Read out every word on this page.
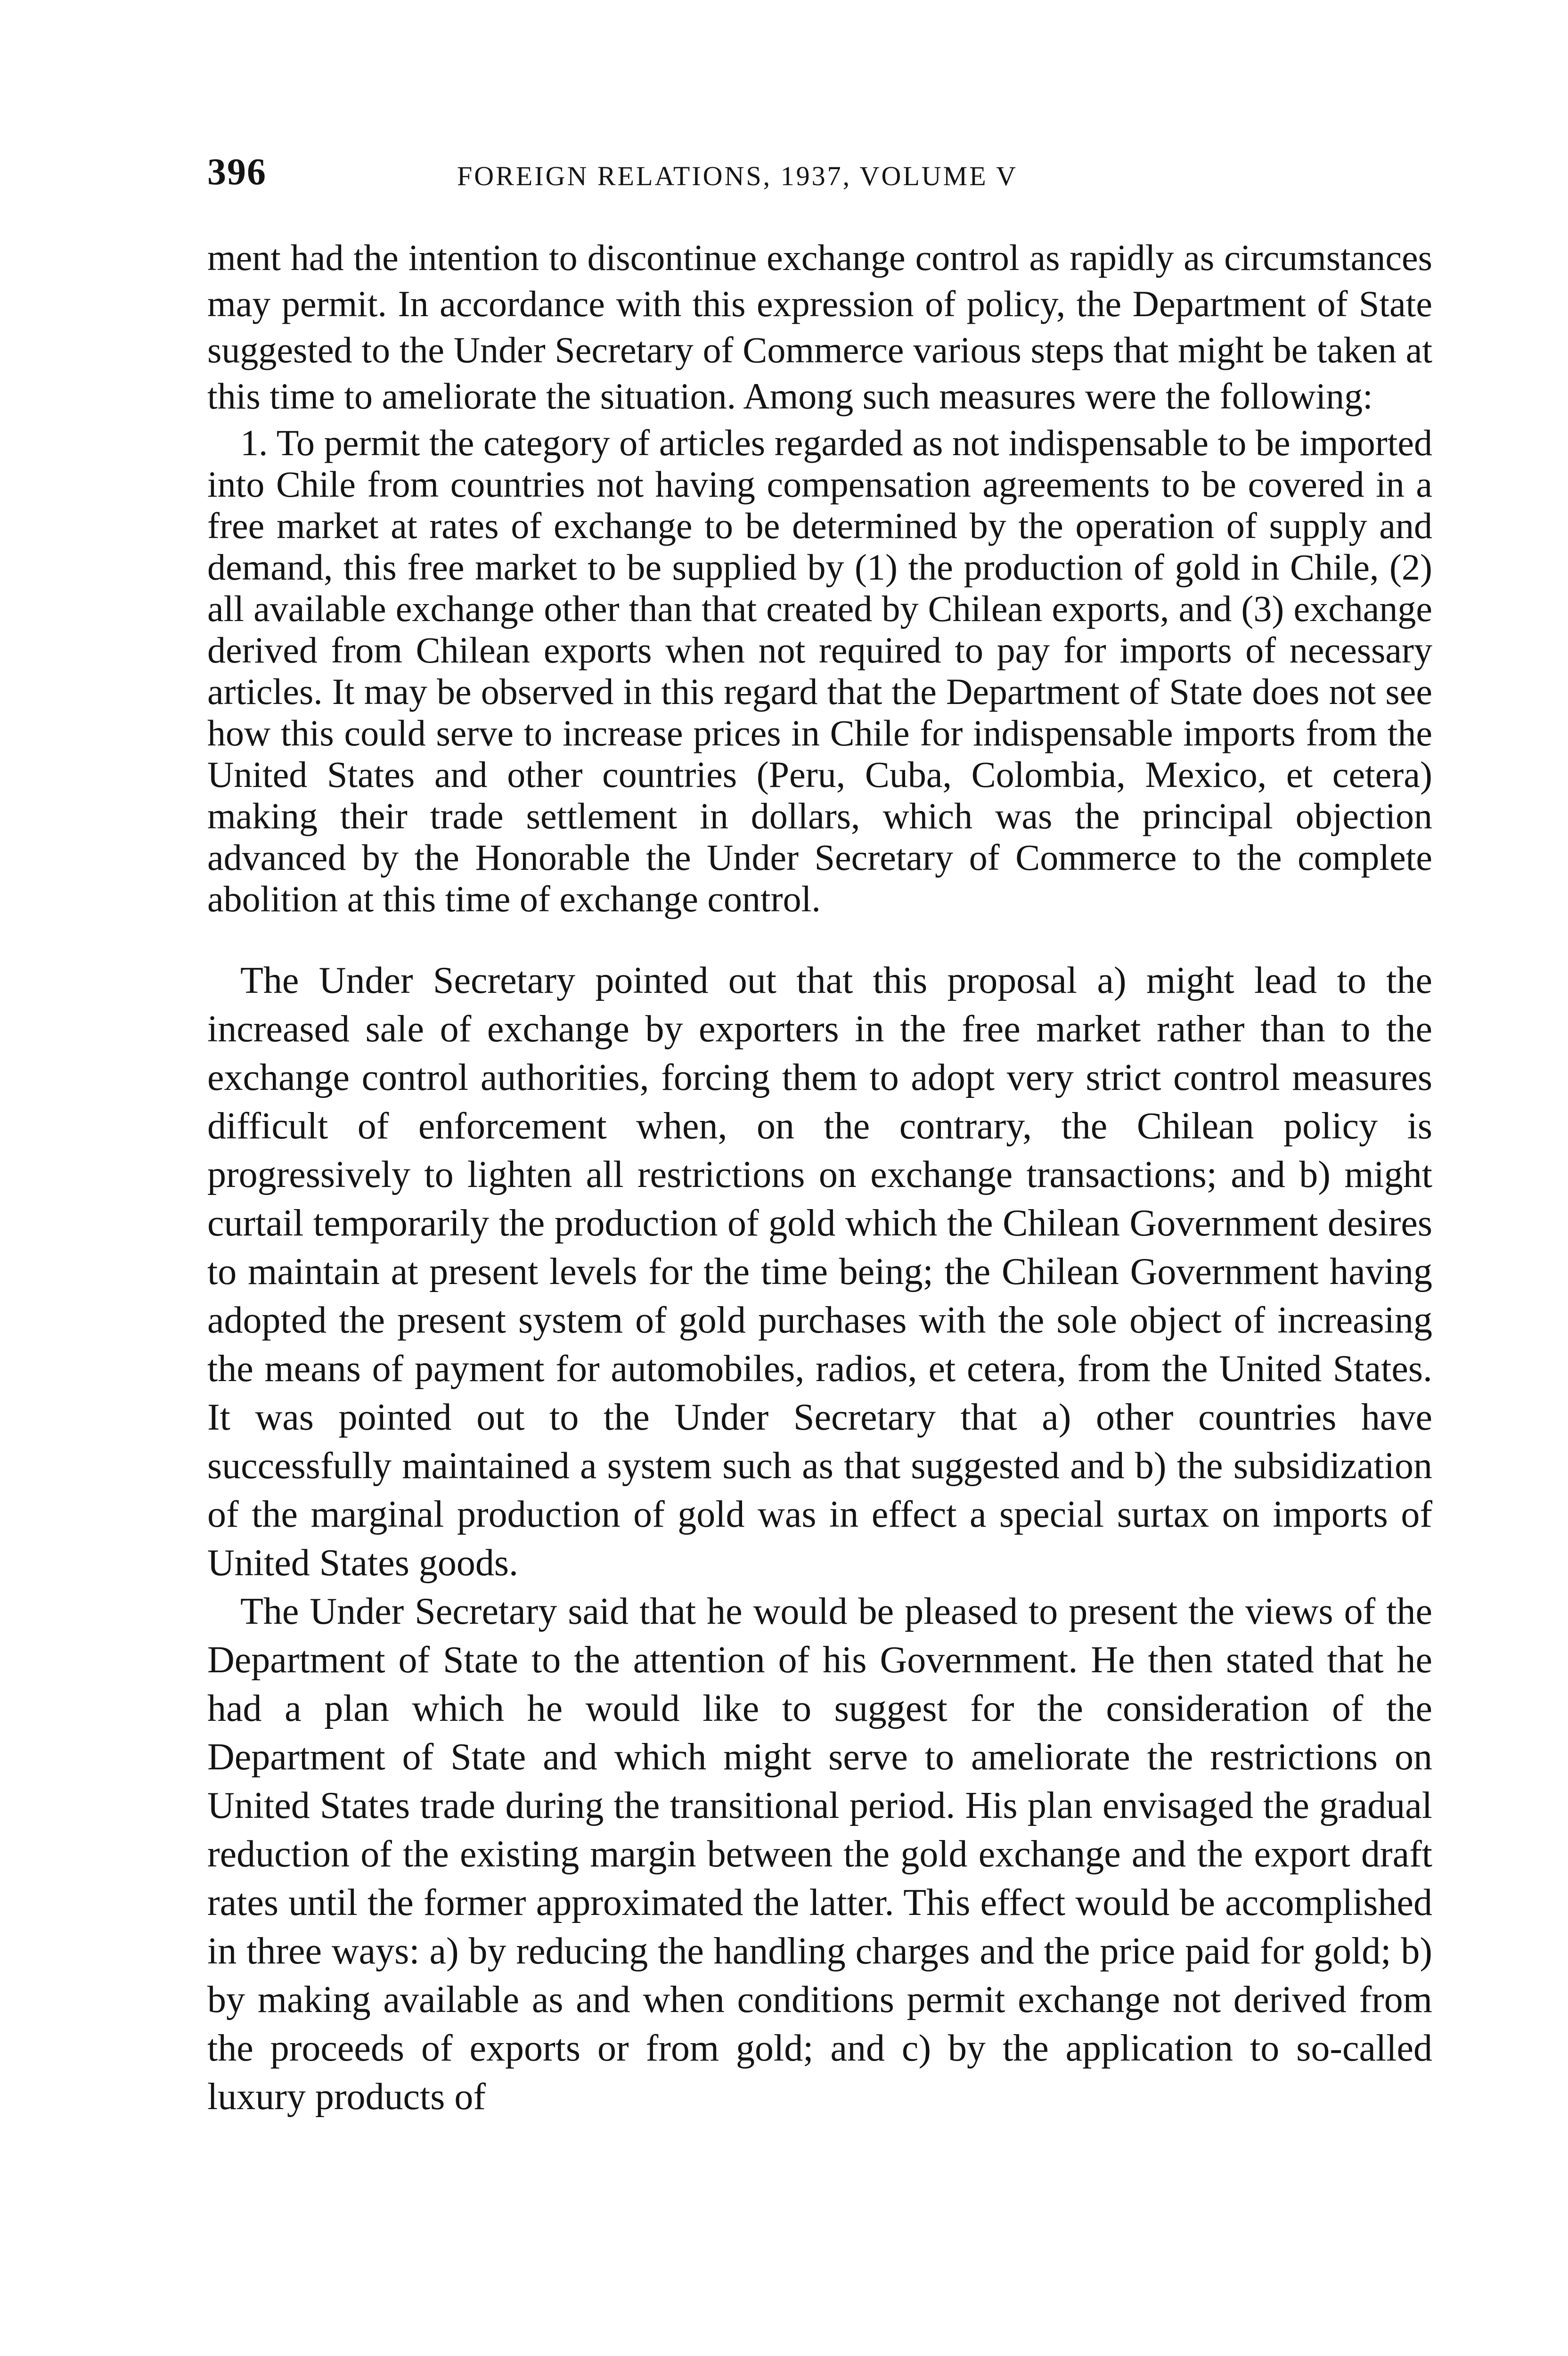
396	FOREIGN RELATIONS, 1937, VOLUME V

ment had the intention to discontinue exchange control as rapidly as circumstances may permit. In accordance with this expression of policy, the Department of State suggested to the Under Secretary of Commerce various steps that might be taken at this time to ameliorate the situation. Among such measures were the following:

1. To permit the category of articles regarded as not indispensable to be imported into Chile from countries not having compensation agreements to be covered in a free market at rates of exchange to be determined by the operation of supply and demand, this free market to be supplied by (1) the production of gold in Chile, (2) all available exchange other than that created by Chilean exports, and (3) exchange derived from Chilean exports when not required to pay for imports of necessary articles. It may be observed in this regard that the Department of State does not see how this could serve to increase prices in Chile for indispensable imports from the United States and other countries (Peru, Cuba, Colombia, Mexico, et cetera) making their trade settlement in dollars, which was the principal objection advanced by the Honorable the Under Secretary of Commerce to the complete abolition at this time of exchange control.

The Under Secretary pointed out that this proposal a) might lead to the increased sale of exchange by exporters in the free market rather than to the exchange control authorities, forcing them to adopt very strict control measures difficult of enforcement when, on the contrary, the Chilean policy is progressively to lighten all restrictions on exchange transactions; and b) might curtail temporarily the production of gold which the Chilean Government desires to maintain at present levels for the time being; the Chilean Government having adopted the present system of gold purchases with the sole object of increasing the means of payment for automobiles, radios, et cetera, from the United States. It was pointed out to the Under Secretary that a) other countries have successfully maintained a system such as that suggested and b) the subsidization of the marginal production of gold was in effect a special surtax on imports of United States goods.

The Under Secretary said that he would be pleased to present the views of the Department of State to the attention of his Government. He then stated that he had a plan which he would like to suggest for the consideration of the Department of State and which might serve to ameliorate the restrictions on United States trade during the transitional period. His plan envisaged the gradual reduction of the existing margin between the gold exchange and the export draft rates until the former approximated the latter. This effect would be accomplished in three ways: a) by reducing the handling charges and the price paid for gold; b) by making available as and when conditions permit exchange not derived from the proceeds of exports or from gold; and c) by the application to so-called luxury products of
